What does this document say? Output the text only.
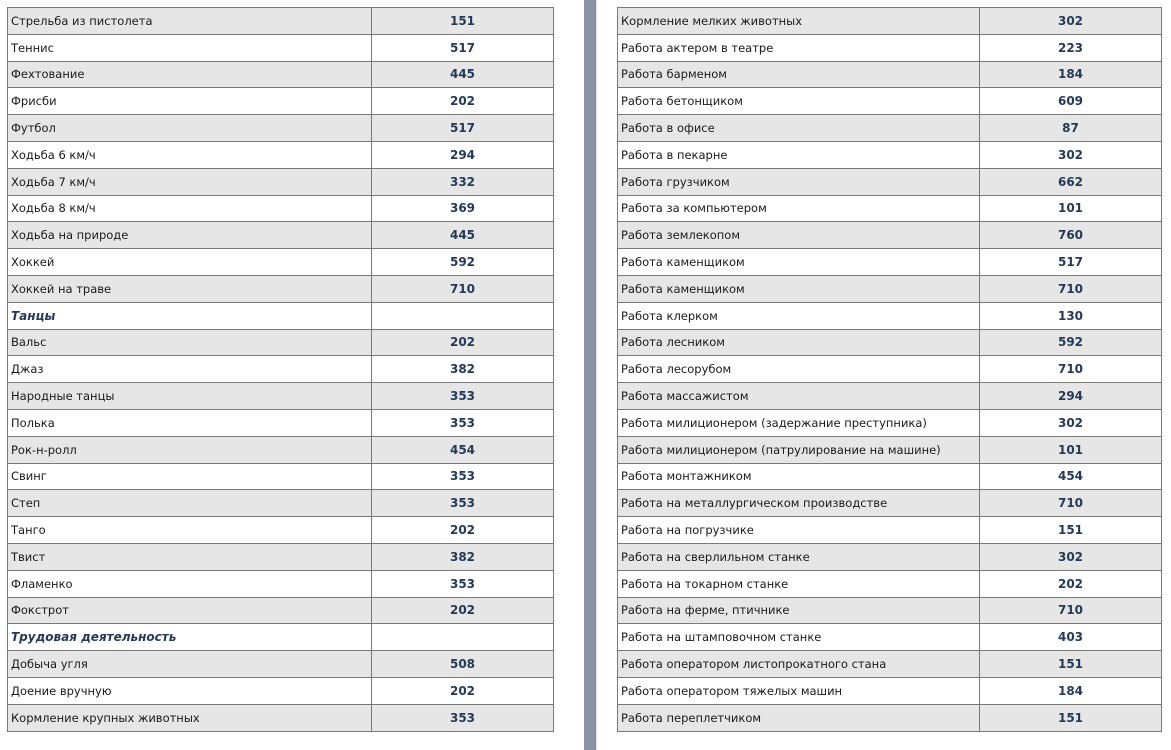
Стрельба из пистолета	151
Теннис	517
Фехтование	445
Фрисби	202
Футбол	517
Ходьба 6 км/ч	294
Ходьба 7 км/ч	332
Ходьба 8 км/ч	369
Ходьба на природе	445
Хоккей	592
Хоккей на траве	710
Танцы	
Вальс	202
Джаз	382
Народные танцы	353
Полька	353
Рок-н-ролл	454
Свинг	353
Степ	353
Танго	202
Твист	382
Фламенко	353
Фокстрот	202
Трудовая деятельность	
Добыча угля	508
Доение вручную	202
Кормление крупных животных	353
Кормление мелких животных	302
Работа актером в театре	223
Работа барменом	184
Работа бетонщиком	609
Работа в офисе	87
Работа в пекарне	302
Работа грузчиком	662
Работа за компьютером	101
Работа землекопом	760
Работа каменщиком	517
Работа каменщиком	710
Работа клерком	130
Работа лесником	592
Работа лесорубом	710
Работа массажистом	294
Работа милиционером (задержание преступника)	302
Работа милиционером (патрулирование на машине)	101
Работа монтажником	454
Работа на металлургическом производстве	710
Работа на погрузчике	151
Работа на сверлильном станке	302
Работа на токарном станке	202
Работа на ферме, птичнике	710
Работа на штамповочном станке	403
Работа оператором листопрокатного стана	151
Работа оператором тяжелых машин	184
Работа переплетчиком	151
